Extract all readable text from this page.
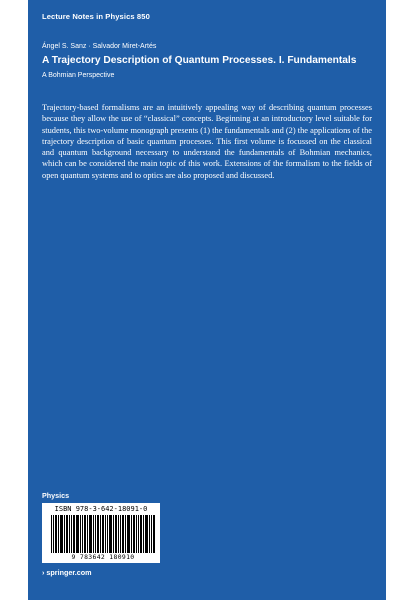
Lecture Notes in Physics 850

Ángel S. Sanz · Salvador Miret-Artés
A Trajectory Description of Quantum Processes. I. Fundamentals
A Bohmian Perspective

Trajectory-based formalisms are an intuitively appealing way of describing quantum processes because they allow the use of “classical” concepts. Beginning at an introductory level suitable for students, this two-volume monograph presents (1) the fundamentals and (2) the applications of the trajectory description of basic quantum processes. This first volume is focussed on the classical and quantum background necessary to understand the fundamentals of Bohmian mechanics, which can be considered the main topic of this work. Extensions of the formalism to the fields of open quantum systems and to optics are also proposed and discussed.

Physics

ISBN 978-3-642-18091-0
9 783642 180910

› springer.com
